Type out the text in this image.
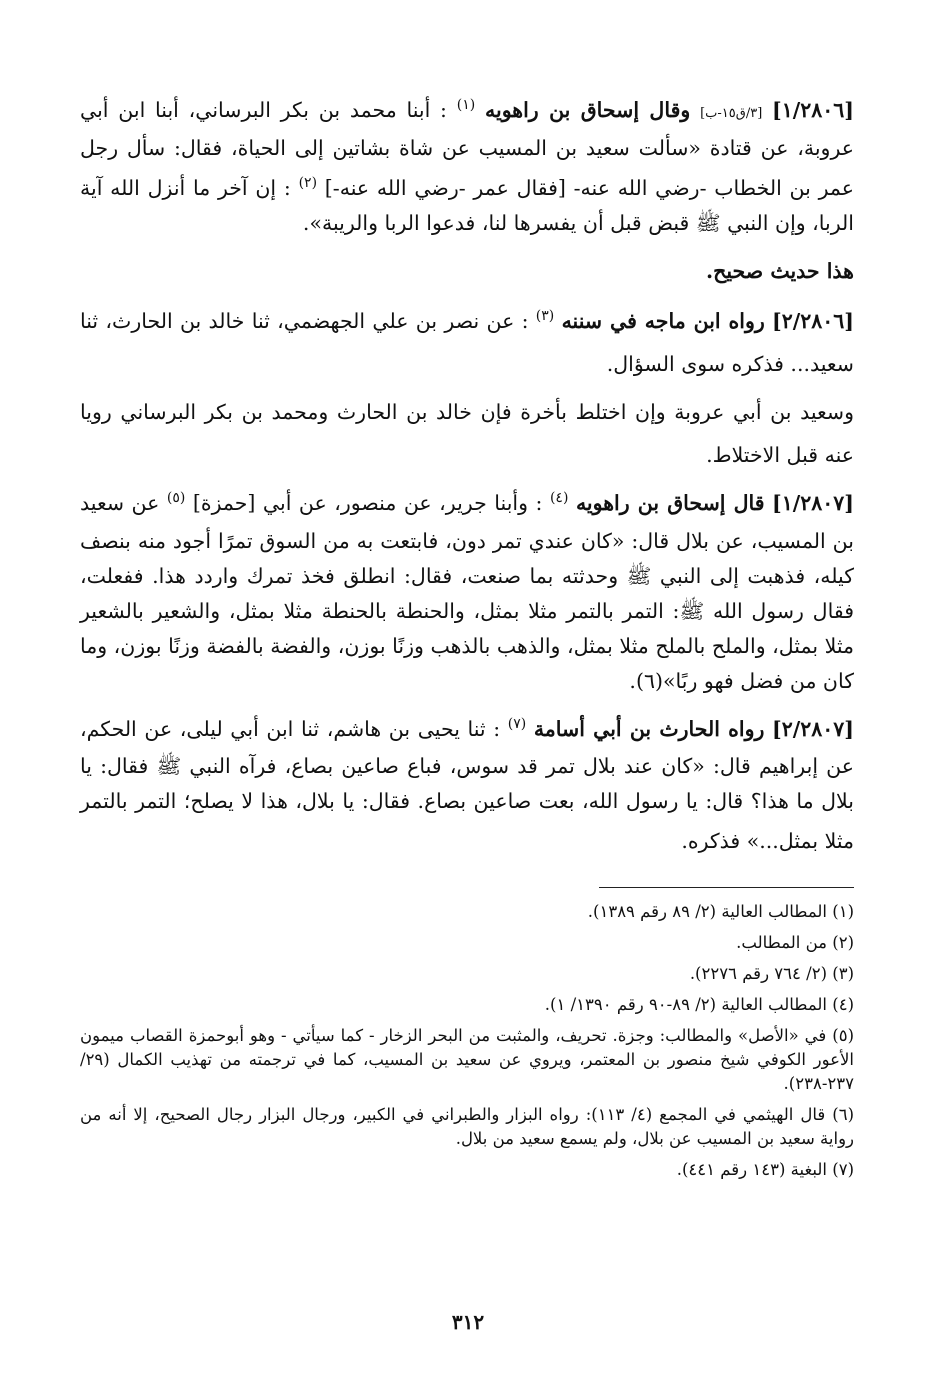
[١/٢٨٠٦] [٣/ق١٥-ب] وقال إسحاق بن راهويه $^{(١)}$ : أبنا محمد بن بكر البرساني، أبنا ابن أبي عروبة، عن قتادة «سألت سعيد بن المسيب عن شاة بشاتين إلى الحياة، فقال: سأل رجل عمر بن الخطاب -رضي الله عنه- [فقال عمر -رضي الله عنه-] $^{(٢)}$ : إن آخر ما أنزل الله آية الربا، وإن النبي ﷺ قبض قبل أن يفسرها لنا، فدعوا الربا والريبة».

هذا حديث صحيح.

[٢/٢٨٠٦] رواه ابن ماجه في سننه $^{(٣)}$ : عن نصر بن علي الجهضمي، ثنا خالد بن الحارث، ثنا سعيد... فذكره سوى السؤال.

وسعيد بن أبي عروبة وإن اختلط بأخرة فإن خالد بن الحارث ومحمد بن بكر البرساني رويا عنه قبل الاختلاط.

[١/٢٨٠٧] قال إسحاق بن راهويه $^{(٤)}$ : وأبنا جرير، عن منصور، عن أبي [حمزة] $^{(٥)}$ عن سعيد بن المسيب، عن بلال قال: «كان عندي تمر دون، فابتعت به من السوق تمرًا أجود منه بنصف كيله، فذهبت إلى النبي ﷺ وحدثته بما صنعت، فقال: انطلق فخذ تمرك واردد هذا. ففعلت، فقال رسول الله ﷺ: التمر بالتمر مثلا بمثل، والحنطة بالحنطة مثلا بمثل، والشعير بالشعير مثلا بمثل، والملح بالملح مثلا بمثل، والذهب بالذهب وزنًا بوزن، والفضة بالفضة وزنًا بوزن، وما كان من فضل فهو ربًا»(٦).

[٢/٢٨٠٧] رواه الحارث بن أبي أسامة $^{(٧)}$ : ثنا يحيى بن هاشم، ثنا ابن أبي ليلى، عن الحكم، عن إبراهيم قال: «كان عند بلال تمر قد سوس، فباع صاعين بصاع، فرآه النبي ﷺ فقال: يا بلال ما هذا؟ قال: يا رسول الله، بعت صاعين بصاع. فقال: يا بلال، هذا لا يصلح؛ التمر بالتمر مثلا بمثل...» فذكره.

(١) المطالب العالية (٢/ ٨٩ رقم ١٣٨٩).

(٢) من المطالب.

(٣) (٢/ ٧٦٤ رقم ٢٢٧٦).

(٤) المطالب العالية (٢/ ٨٩-٩٠ رقم ١٣٩٠/ ١).

(٥) في «الأصل» والمطالب: وجزة. تحريف، والمثبت من البحر الزخار - كما سيأتي - وهو أبوحمزة القصاب ميمون الأعور الكوفي شيخ منصور بن المعتمر، ويروي عن سعيد بن المسيب، كما في ترجمته من تهذيب الكمال (٢٩/ ٢٣٧-٢٣٨).

(٦) قال الهيثمي في المجمع (٤/ ١١٣): رواه البزار والطبراني في الكبير، ورجال البزار رجال الصحيح، إلا أنه من رواية سعيد بن المسيب عن بلال، ولم يسمع سعيد من بلال.

(٧) البغية (١٤٣ رقم ٤٤١).

٣١٢
